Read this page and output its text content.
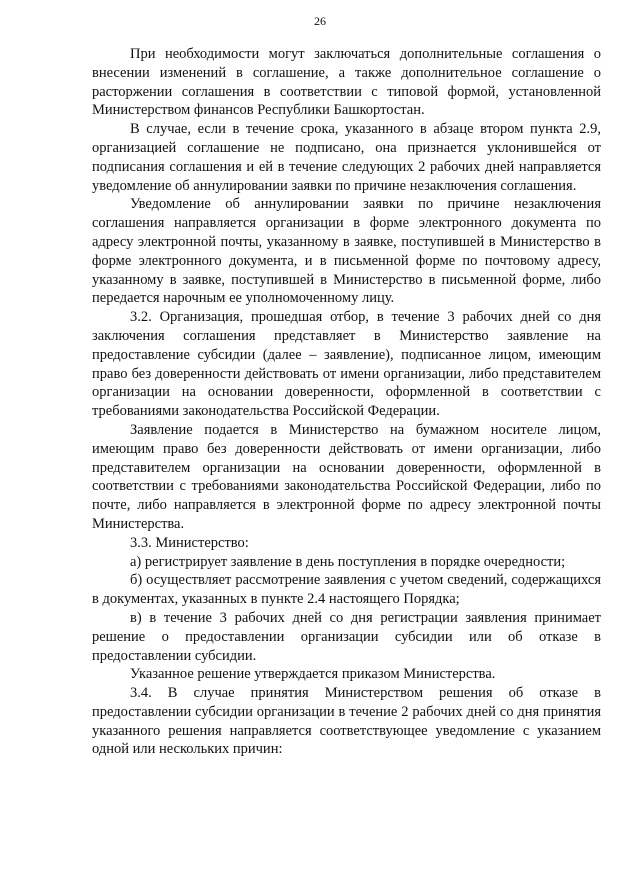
26

При необходимости могут заключаться дополнительные соглашения о внесении изменений в соглашение, а также дополнительное соглашение о расторжении соглашения в соответствии с типовой формой, установленной Министерством финансов Республики Башкортостан.

В случае, если в течение срока, указанного в абзаце втором пункта 2.9, организацией соглашение не подписано, она признается уклонившейся от подписания соглашения и ей в течение следующих 2 рабочих дней направляется уведомление об аннулировании заявки по причине незаключения соглашения.

Уведомление об аннулировании заявки по причине незаключения соглашения направляется организации в форме электронного документа по адресу электронной почты, указанному в заявке, поступившей в Министерство в форме электронного документа, и в письменной форме по почтовому адресу, указанному в заявке, поступившей в Министерство в письменной форме, либо передается нарочным ее уполномоченному лицу.

3.2. Организация, прошедшая отбор, в течение 3 рабочих дней со дня заключения соглашения представляет в Министерство заявление на предоставление субсидии (далее – заявление), подписанное лицом, имеющим право без доверенности действовать от имени организации, либо представителем организации на основании доверенности, оформленной в соответствии с требованиями законодательства Российской Федерации.

Заявление подается в Министерство на бумажном носителе лицом, имеющим право без доверенности действовать от имени организации, либо представителем организации на основании доверенности, оформленной в соответствии с требованиями законодательства Российской Федерации, либо по почте, либо направляется в электронной форме по адресу электронной почты Министерства.

3.3. Министерство:

а) регистрирует заявление в день поступления в порядке очередности;

б) осуществляет рассмотрение заявления с учетом сведений, содержащихся в документах, указанных в пункте 2.4 настоящего Порядка;

в) в течение 3 рабочих дней со дня регистрации заявления принимает решение о предоставлении организации субсидии или об отказе в предоставлении субсидии.

Указанное решение утверждается приказом Министерства.

3.4. В случае принятия Министерством решения об отказе в предоставлении субсидии организации в течение 2 рабочих дней со дня принятия указанного решения направляется соответствующее уведомление с указанием одной или нескольких причин:
